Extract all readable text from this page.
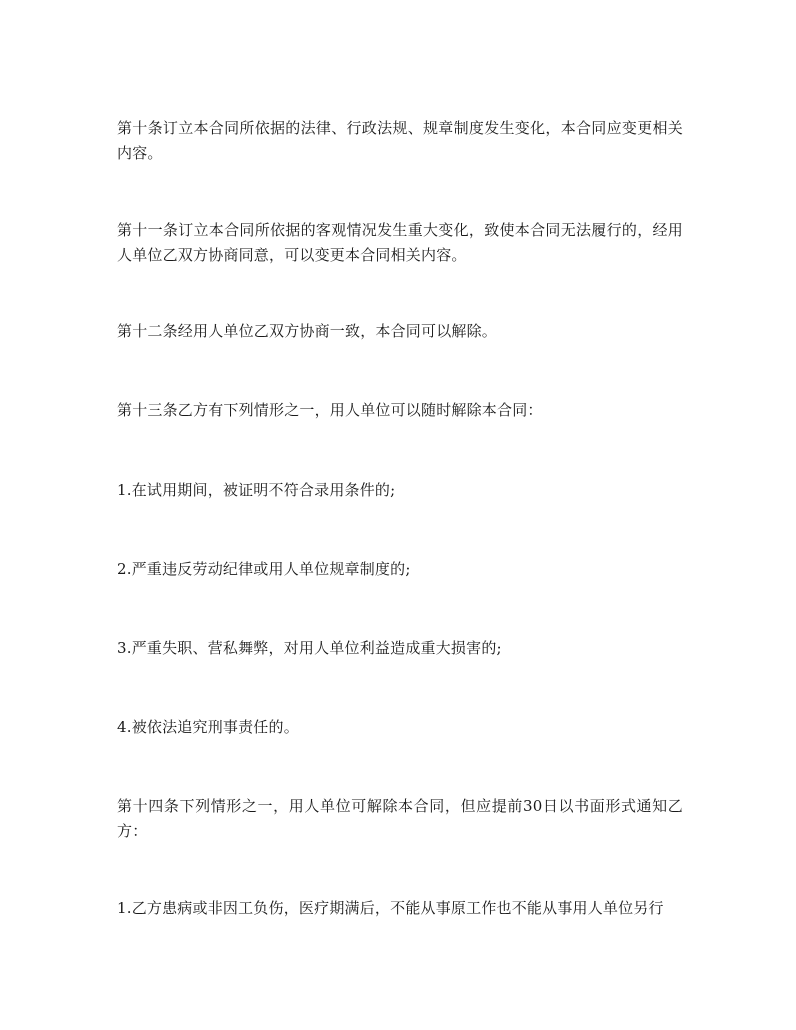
第十条订立本合同所依据的法律、行政法规、规章制度发生变化，本合同应变更相关内容。

第十一条订立本合同所依据的客观情况发生重大变化，致使本合同无法履行的，经用人单位乙双方协商同意，可以变更本合同相关内容。

第十二条经用人单位乙双方协商一致，本合同可以解除。

第十三条乙方有下列情形之一，用人单位可以随时解除本合同：

1.在试用期间，被证明不符合录用条件的;

2.严重违反劳动纪律或用人单位规章制度的;

3.严重失职、营私舞弊，对用人单位利益造成重大损害的;

4.被依法追究刑事责任的。

第十四条下列情形之一，用人单位可解除本合同，但应提前30日以书面形式通知乙方：

1.乙方患病或非因工负伤，医疗期满后，不能从事原工作也不能从事用人单位另行
